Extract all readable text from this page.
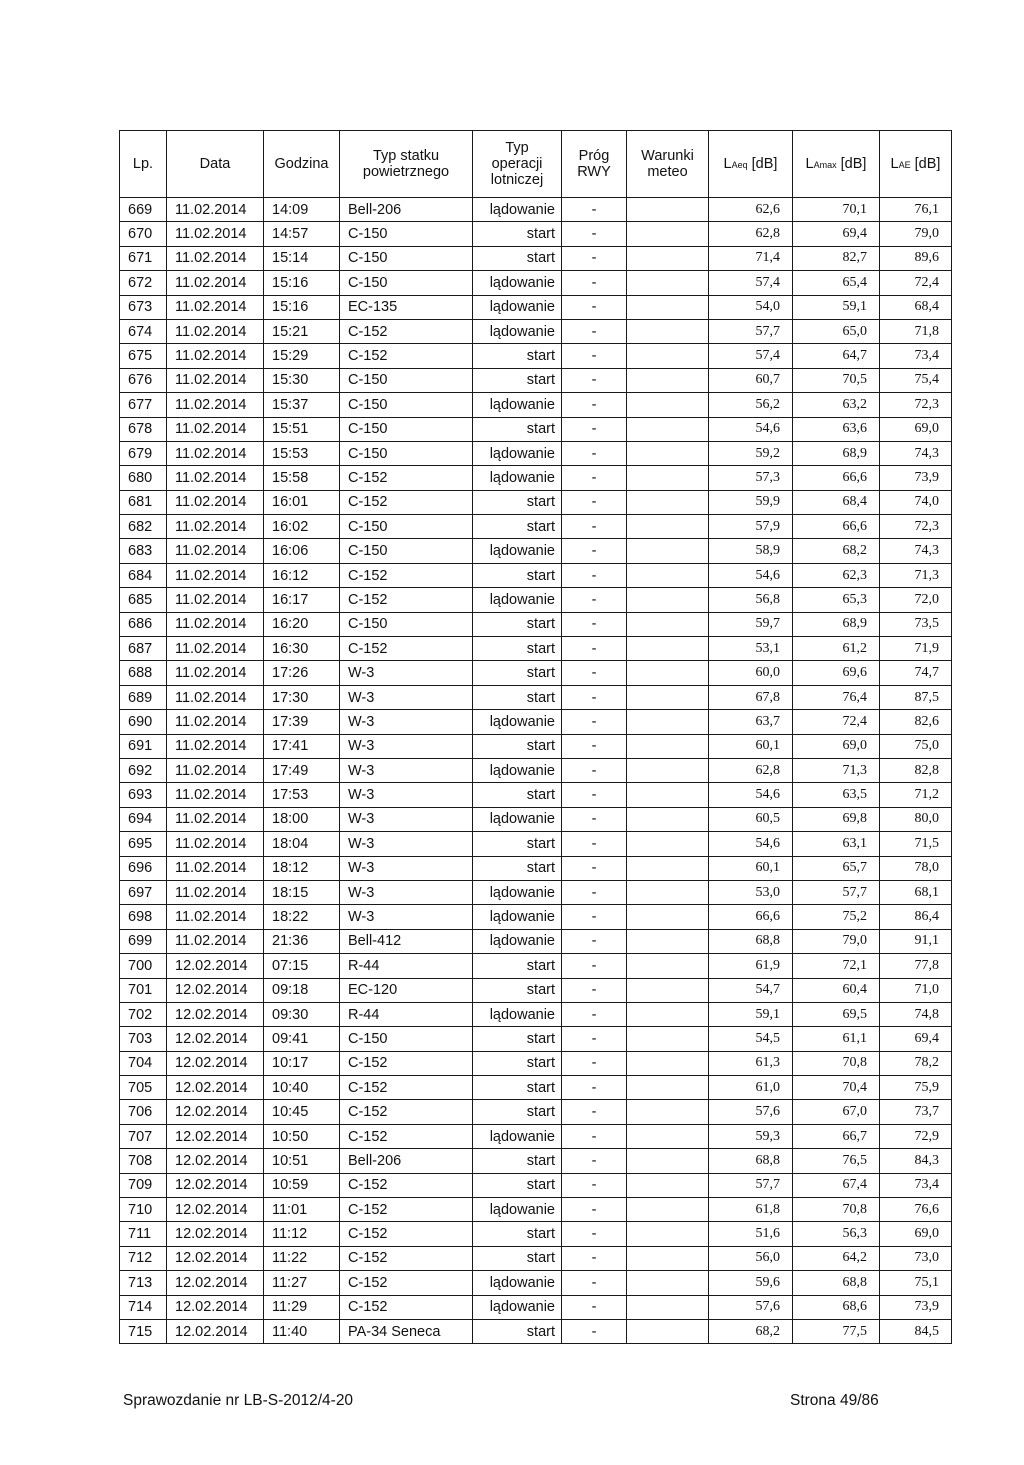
Lp.	Data	Godzina	Typ statku powietrznego	Typ operacji lotniczej	Próg RWY	Warunki meteo	LAeq [dB]	LAmax [dB]	LAE [dB]
669	11.02.2014	14:09	Bell-206	lądowanie	-		62,6	70,1	76,1
670	11.02.2014	14:57	C-150	start	-		62,8	69,4	79,0
671	11.02.2014	15:14	C-150	start	-		71,4	82,7	89,6
672	11.02.2014	15:16	C-150	lądowanie	-		57,4	65,4	72,4
673	11.02.2014	15:16	EC-135	lądowanie	-		54,0	59,1	68,4
674	11.02.2014	15:21	C-152	lądowanie	-		57,7	65,0	71,8
675	11.02.2014	15:29	C-152	start	-		57,4	64,7	73,4
676	11.02.2014	15:30	C-150	start	-		60,7	70,5	75,4
677	11.02.2014	15:37	C-150	lądowanie	-		56,2	63,2	72,3
678	11.02.2014	15:51	C-150	start	-		54,6	63,6	69,0
679	11.02.2014	15:53	C-150	lądowanie	-		59,2	68,9	74,3
680	11.02.2014	15:58	C-152	lądowanie	-		57,3	66,6	73,9
681	11.02.2014	16:01	C-152	start	-		59,9	68,4	74,0
682	11.02.2014	16:02	C-150	start	-		57,9	66,6	72,3
683	11.02.2014	16:06	C-150	lądowanie	-		58,9	68,2	74,3
684	11.02.2014	16:12	C-152	start	-		54,6	62,3	71,3
685	11.02.2014	16:17	C-152	lądowanie	-		56,8	65,3	72,0
686	11.02.2014	16:20	C-150	start	-		59,7	68,9	73,5
687	11.02.2014	16:30	C-152	start	-		53,1	61,2	71,9
688	11.02.2014	17:26	W-3	start	-		60,0	69,6	74,7
689	11.02.2014	17:30	W-3	start	-		67,8	76,4	87,5
690	11.02.2014	17:39	W-3	lądowanie	-		63,7	72,4	82,6
691	11.02.2014	17:41	W-3	start	-		60,1	69,0	75,0
692	11.02.2014	17:49	W-3	lądowanie	-		62,8	71,3	82,8
693	11.02.2014	17:53	W-3	start	-		54,6	63,5	71,2
694	11.02.2014	18:00	W-3	lądowanie	-		60,5	69,8	80,0
695	11.02.2014	18:04	W-3	start	-		54,6	63,1	71,5
696	11.02.2014	18:12	W-3	start	-		60,1	65,7	78,0
697	11.02.2014	18:15	W-3	lądowanie	-		53,0	57,7	68,1
698	11.02.2014	18:22	W-3	lądowanie	-		66,6	75,2	86,4
699	11.02.2014	21:36	Bell-412	lądowanie	-		68,8	79,0	91,1
700	12.02.2014	07:15	R-44	start	-		61,9	72,1	77,8
701	12.02.2014	09:18	EC-120	start	-		54,7	60,4	71,0
702	12.02.2014	09:30	R-44	lądowanie	-		59,1	69,5	74,8
703	12.02.2014	09:41	C-150	start	-		54,5	61,1	69,4
704	12.02.2014	10:17	C-152	start	-		61,3	70,8	78,2
705	12.02.2014	10:40	C-152	start	-		61,0	70,4	75,9
706	12.02.2014	10:45	C-152	start	-		57,6	67,0	73,7
707	12.02.2014	10:50	C-152	lądowanie	-		59,3	66,7	72,9
708	12.02.2014	10:51	Bell-206	start	-		68,8	76,5	84,3
709	12.02.2014	10:59	C-152	start	-		57,7	67,4	73,4
710	12.02.2014	11:01	C-152	lądowanie	-		61,8	70,8	76,6
711	12.02.2014	11:12	C-152	start	-		51,6	56,3	69,0
712	12.02.2014	11:22	C-152	start	-		56,0	64,2	73,0
713	12.02.2014	11:27	C-152	lądowanie	-		59,6	68,8	75,1
714	12.02.2014	11:29	C-152	lądowanie	-		57,6	68,6	73,9
715	12.02.2014	11:40	PA-34 Seneca	start	-		68,2	77,5	84,5
Sprawozdanie nr LB-S-2012/4-20	Strona 49/86
